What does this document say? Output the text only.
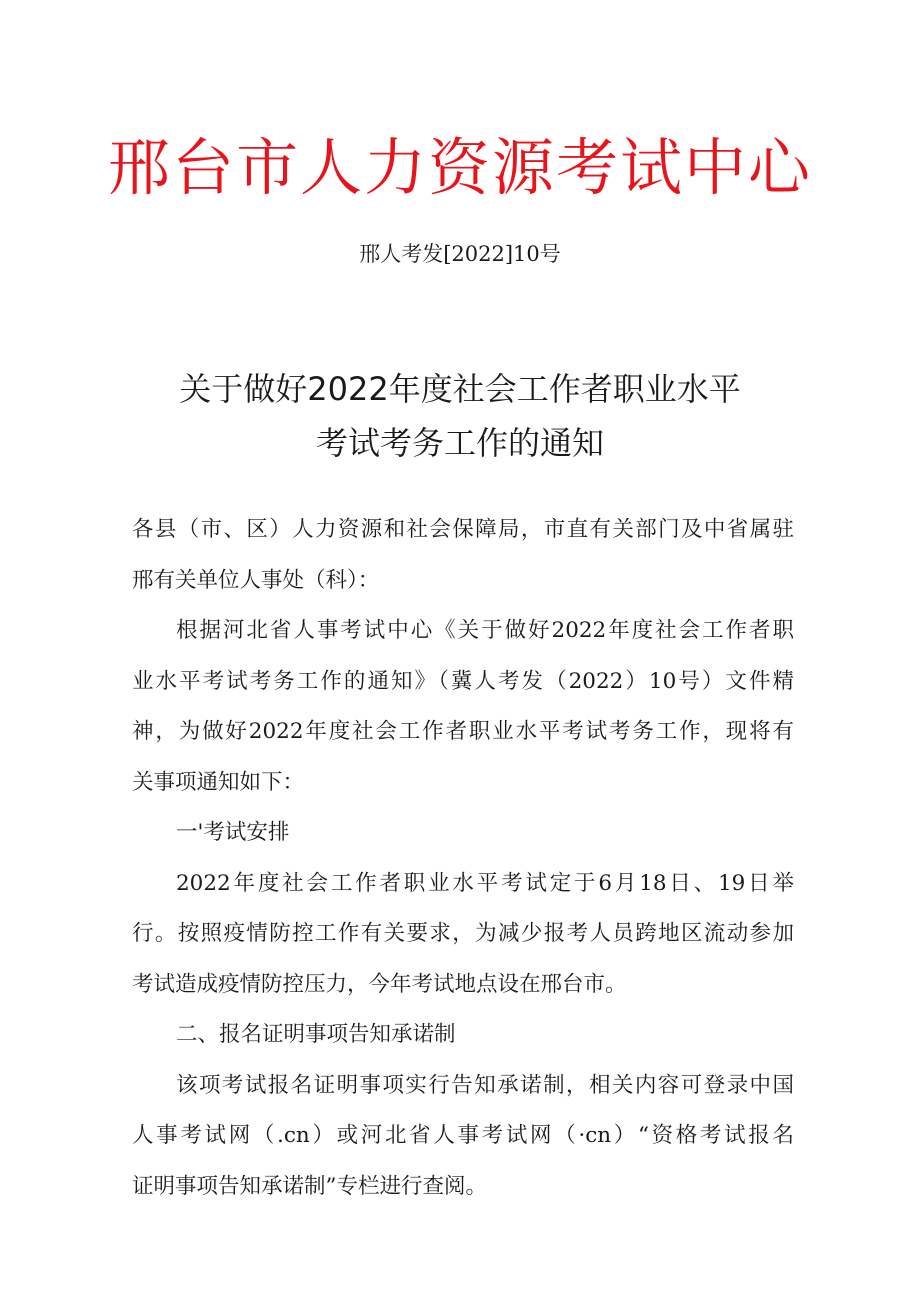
邢台市人力资源考试中心
邢人考发[2022]10号
关于做好2022年度社会工作者职业水平
考试考务工作的通知
各县（市、区）人力资源和社会保障局，市直有关部门及中省属驻
邢有关单位人事处（科）：
根据河北省人事考试中心《关于做好2022年度社会工作者职
业水平考试考务工作的通知》（冀人考发（2022）10号）文件精
神，为做好2022年度社会工作者职业水平考试考务工作，现将有
关事项通知如下：
一'考试安排
2022年度社会工作者职业水平考试定于6月18日、19日举
行。按照疫情防控工作有关要求，为减少报考人员跨地区流动参加
考试造成疫情防控压力，今年考试地点设在邢台市。
二、报名证明事项告知承诺制
该项考试报名证明事项实行告知承诺制，相关内容可登录中国
人事考试网（.cn）或河北省人事考试网（·cn）“资格考试报名
证明事项告知承诺制”专栏进行查阅。
